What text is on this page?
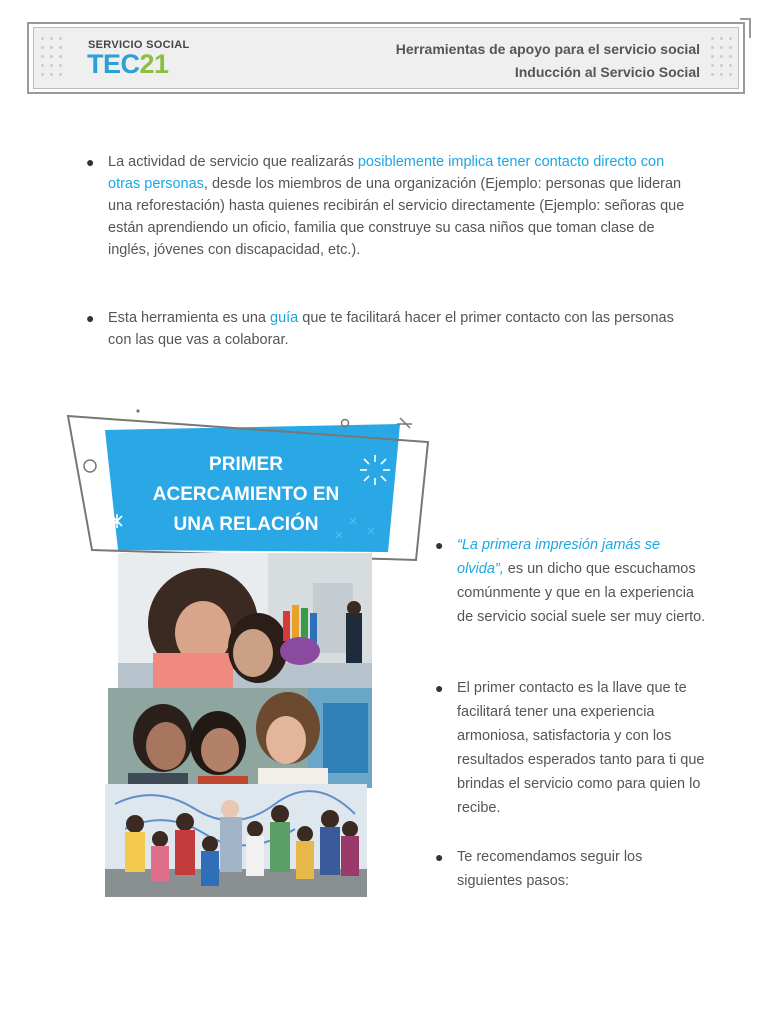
SERVICIO SOCIAL
TEC21	Herramientas de apoyo para el servicio social
Inducción al Servicio Social
● La actividad de servicio que realizarás posiblemente implica tener contacto directo con otras personas, desde los miembros de una organización (Ejemplo: personas que lideran una reforestación) hasta quienes recibirán el servicio directamente (Ejemplo: señoras que están aprendiendo un oficio, familia que construye su casa niños que toman clase de inglés, jóvenes con discapacidad, etc.).
● Esta herramienta es una guía que te facilitará hacer el primer contacto con las personas con las que vas a colaborar.
PRIMER
ACERCAMIENTO EN
UNA RELACIÓN
● “La primera impresión jamás se olvida”, es un dicho que escuchamos comúnmente y que en la experiencia de servicio social suele ser muy cierto.
● El primer contacto es la llave que te facilitará tener una experiencia armoniosa, satisfactoria y con los resultados esperados tanto para ti que brindas el servicio como para quien lo recibe.
● Te recomendamos seguir los siguientes pasos:
